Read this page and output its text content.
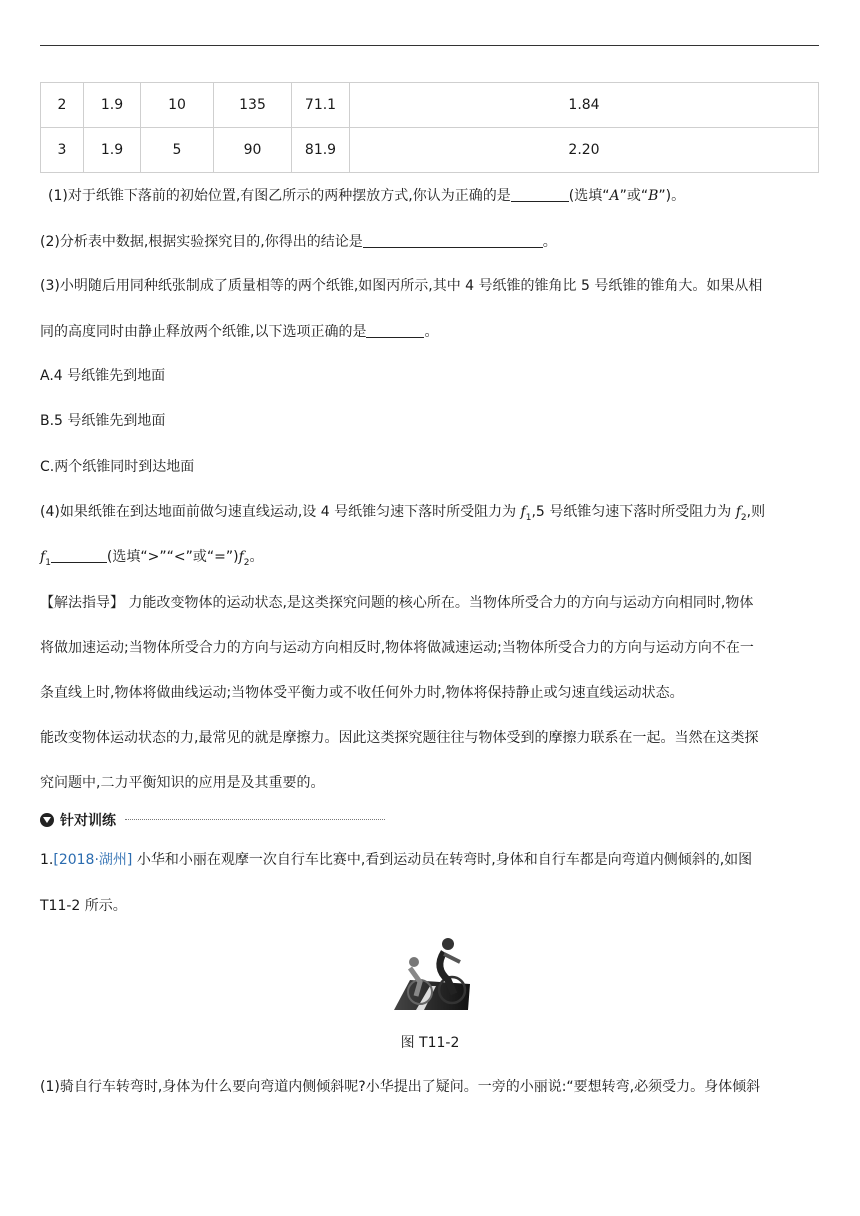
2	1.9	10	135	71.1	1.84
3	1.9	5	90	81.9	2.20
(1)对于纸锥下落前的初始位置,有图乙所示的两种摆放方式,你认为正确的是	(选填“A”或“B”)。
(2)分析表中数据,根据实验探究目的,你得出的结论是	。
(3)小明随后用同种纸张制成了质量相等的两个纸锥,如图丙所示,其中 4 号纸锥的锥角比 5 号纸锥的锥角大。如果从相
同的高度同时由静止释放两个纸锥,以下选项正确的是	。
A.4 号纸锥先到地面
B.5 号纸锥先到地面
C.两个纸锥同时到达地面
(4)如果纸锥在到达地面前做匀速直线运动,设 4 号纸锥匀速下落时所受阻力为 $f_1,5$ 号纸锥匀速下落时所受阻力为 $f_2$,则
$f_1$	(选填“>”“<”或“$=”)f_2$。
【解法指导】 力能改变物体的运动状态,是这类探究问题的核心所在。当物体所受合力的方向与运动方向相同时,物体
将做加速运动;当物体所受合力的方向与运动方向相反时,物体将做减速运动;当物体所受合力的方向与运动方向不在一
条直线上时,物体将做曲线运动;当物体受平衡力或不收任何外力时,物体将保持静止或匀速直线运动状态。
能改变物体运动状态的力,最常见的就是摩擦力。因此这类探究题往往与物体受到的摩擦力联系在一起。当然在这类探
究问题中,二力平衡知识的应用是及其重要的。
针对训练
1.[2018·湖州] 小华和小丽在观摩一次自行车比赛中,看到运动员在转弯时,身体和自行车都是向弯道内侧倾斜的,如图
T11-2 所示。
图 T11-2
(1)骑自行车转弯时,身体为什么要向弯道内侧倾斜呢?小华提出了疑问。一旁的小丽说:“要想转弯,必须受力。身体倾斜
